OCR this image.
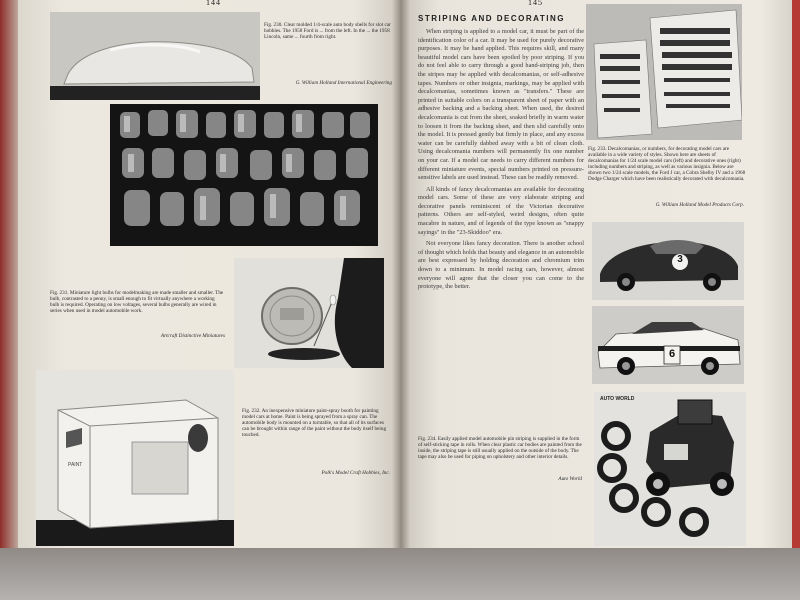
144
Fig. 230. Clear molded 1/4-scale auto body shells for slot car hobbies. The 1958 Ford is ... from the left. In the ... the 1958 Lincoln, same ... fourth from right.
G. William Holland International Engineering
Fig. 231. Miniature light bulbs for modelmaking are made smaller and smaller. The bulb, contrasted to a penny, is small enough to fit virtually anywhere a working bulb is required. Operating on low voltages, several bulbs generally are wired in series when used in model automobile work.
Artcraft Distinctive Miniatures
PAINT
Fig. 232. An inexpensive miniature paint-spray booth for painting model cars at home. Paint is being sprayed from a spray can. The automobile body is mounted on a turntable, so that all of its surfaces can be brought within range of the paint without the body itself being touched.
Polk's Model Craft Hobbies, Inc.
145
STRIPING AND DECORATING

When striping is applied to a model car, it must be part of the identification color of a car. It may be used for purely decorative purposes. It may be hand applied. This requires skill, and many beautiful model cars have been spoiled by poor striping. If you do not feel able to carry through a good hand-striping job, then the stripes may be applied with decalcomanias, or self-adhesive tapes. Numbers or other insignia, markings, may be applied with decalcomanias, sometimes known as "transfers." These are printed in suitable colors on a transparent sheet of paper with an adhesive backing and a backing sheet. When used, the desired decalcomania is cut from the sheet, soaked briefly in warm water to loosen it from the backing sheet, and then slid carefully onto the model. It is pressed gently but firmly in place, and any excess water can be carefully dabbed away with a bit of clean cloth. Using decalcomania numbers will permanently fix one number on your car. If a model car needs to carry different numbers for different miniature events, special numbers printed on pressure-sensitive labels are used instead. These can be readily removed.

All kinds of fancy decalcomanias are available for decorating model cars. Some of these are very elaborate striping and decorative panels reminiscent of the Victorian decorative patterns. Others are self-styled, weird designs, often quite macabre in nature, and of legends of the type known as "snappy sayings" in the "23-Skiddoo" era.

Not everyone likes fancy decoration. There is another school of thought which holds that beauty and elegance in an automobile are best expressed by holding decoration and chromium trim down to a minimum. In model racing cars, however, almost everyone will agree that the closer you can come to the prototype, the better.

Fig. 233. Decalcomanias, or numbers, for decorating model cars are available in a wide variety of styles. Shown here are sheets of decalcomanias for 1/24 scale model cars (left) and decorative ones (right) including numbers and striping, as well as various insignia. Below are shown two 1/24 scale models, the Ford J car, a Cobra Shelby IV and a 1968 Dodge Charger which have been realistically decorated with decalcomania.
G. William Holland Model Products Corp.
3
6
AUTO WORLD
Fig. 234. Easily applied model automobile pin striping is supplied in the form of self-sticking tape in rolls. When clear plastic car bodies are painted from the inside, the striping tape is still usually applied on the outside of the body. The tape may also be used for piping on upholstery and other interior details.
Auto World
